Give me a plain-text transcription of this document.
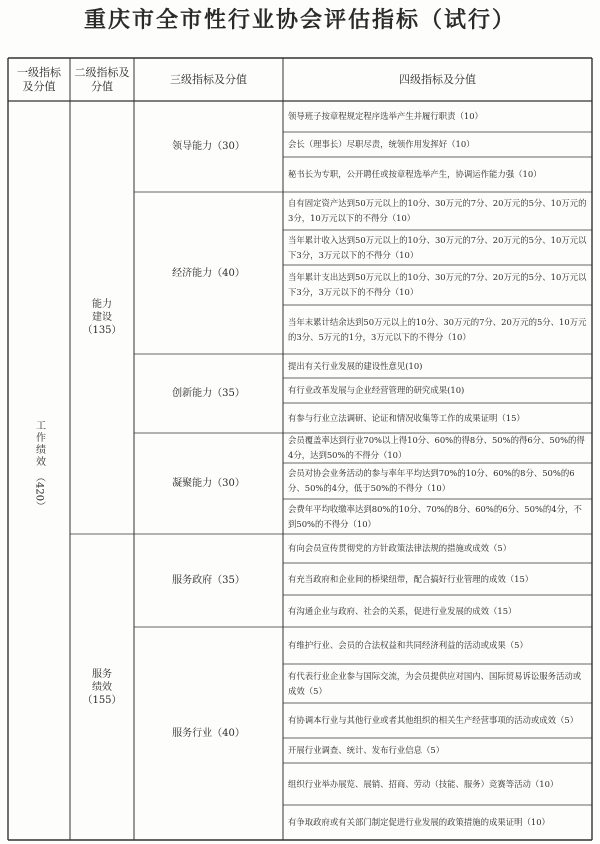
重庆市全市性行业协会评估指标（试行）
一级指标及分值
二级指标及分值
三级指标及分值	四级指标及分值
工作绩效
（420）
能力建设
（135）
服务绩效
（155）
领导能力（30）
经济能力（40）
创新能力（35）
凝聚能力（30）
服务政府（35）
服务行业（40）
领导班子按章程规定程序选举产生并履行职责（10）
会长（理事长）尽职尽责，统领作用发挥好（10）
秘书长为专职，公开聘任或按章程选举产生，协调运作能力强（10）
自有固定资产达到50万元以上的10分、30万元的7分、20万元的5分、10万元的3分，10万元以下的不得分（10）
当年累计收入达到50万元以上的10分、30万元的7分、20万元的5分、10万元以下3分，3万元以下的不得分（10）
当年累计支出达到50万元以上的10分、30万元的7分、20万元的5分、10万元以下3分，3万元以下的不得分（10）
当年末累计结余达到50万元以上的10分、30万元的7分、20万元的5分、10万元的3分、5万元的1分，3万元以下的不得分（10）
提出有关行业发展的建设性意见(10)
有行业改革发展与企业经营管理的研究成果(10)
有参与行业立法调研、论证和情况收集等工作的成果证明（15）
会员覆盖率达到行业70%以上得10分、60%的得8分、50%的得6分、50%的得4分，达到50%的不得分（10）
会员对协会业务活动的参与率年平均达到70%的10分、60%的8分、50%的6分、50%的4分，低于50%的不得分（10）
会费年平均收缴率达到80%的10分、70%的8分、60%的6分、50%的4分，不到50%的不得分（10）
有向会员宣传贯彻党的方针政策法律法规的措施或成效（5）
有充当政府和企业间的桥梁纽带，配合搞好行业管理的成效（15）
有沟通企业与政府、社会的关系，促进行业发展的成效（15）
有维护行业、会员的合法权益和共同经济利益的活动或成果（5）
有代表行业企业参与国际交流，为会员提供应对国内、国际贸易诉讼服务活动或成效（5）
有协调本行业与其他行业或者其他组织的相关生产经营事项的活动或成效（5）
开展行业调查、统计、发布行业信息（5）
组织行业举办展览、展销、招商、劳动（技能、服务）竞赛等活动（10）
有争取政府或有关部门制定促进行业发展的政策措施的成果证明（10）
